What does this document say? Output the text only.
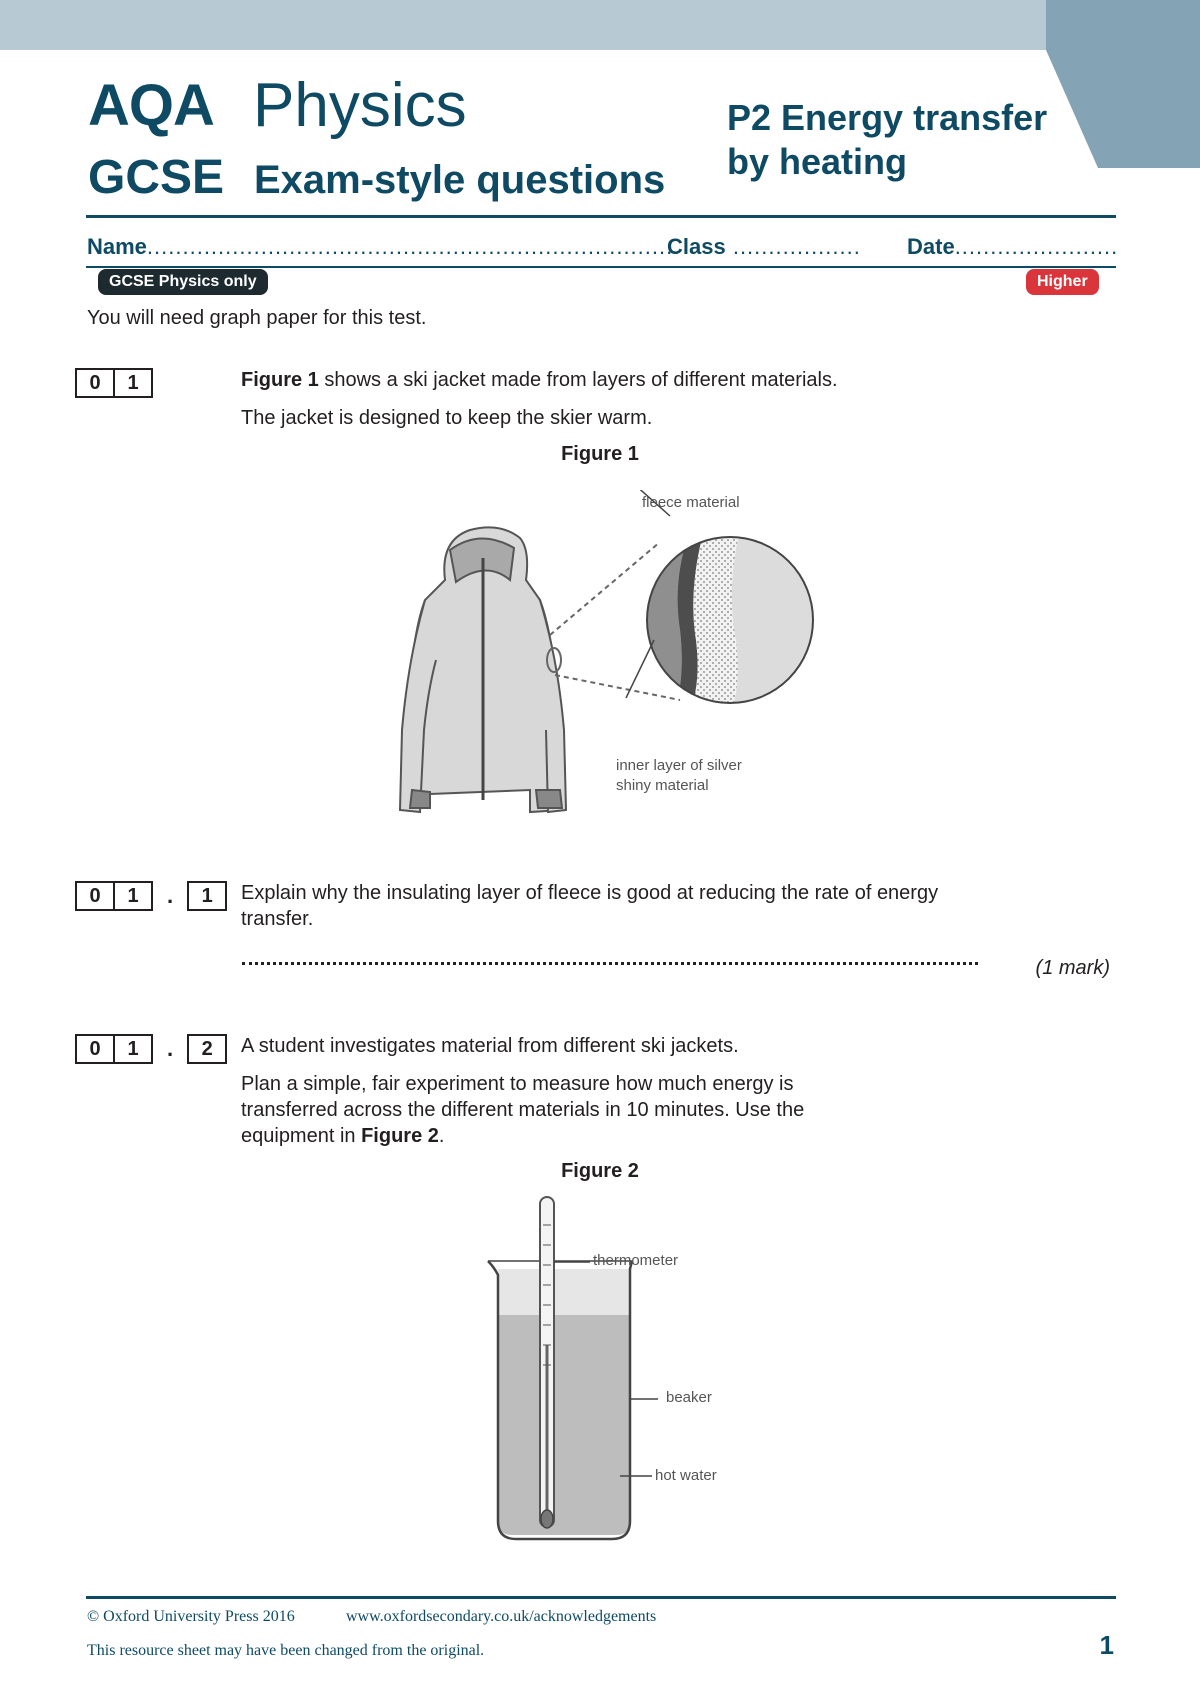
AQA Physics
GCSE Exam-style questions
P2 Energy transfer by heating
Name...........................................................................
Class .................. Date.......................
GCSE Physics only	Higher

You will need graph paper for this test.

0	1	Figure 1 shows a ski jacket made from layers of different materials.

The jacket is designed to keep the skier warm.

Figure 1
fleece material
inner layer of silver
shiny material
0	1	.	1	Explain why the insulating layer of fleece is good at reducing the rate of energy transfer.

(1 mark)
0	1	.	2	A student investigates material from different ski jackets.

Plan a simple, fair experiment to measure how much energy is transferred across the different materials in 10 minutes. Use the equipment in Figure 2.

Figure 2
thermometer
beaker
hot water
© Oxford University Press 2016	www.oxfordsecondary.co.uk/acknowledgements
This resource sheet may have been changed from the original.	1
